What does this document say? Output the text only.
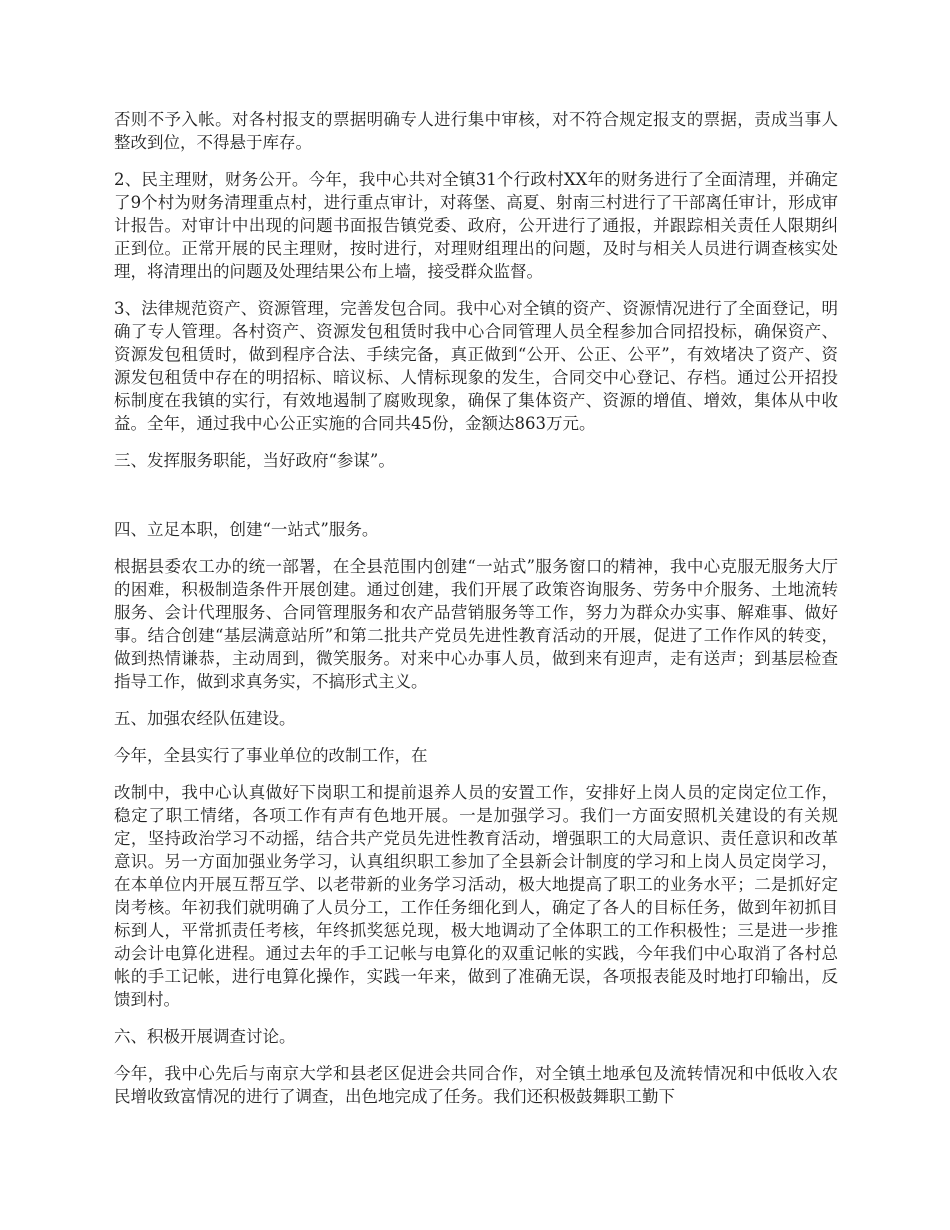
否则不予入帐。对各村报支的票据明确专人进行集中审核，对不符合规定报支的票据，责成当事人整改到位，不得悬于库存。

2、民主理财，财务公开。今年，我中心共对全镇31个行政村XX年的财务进行了全面清理，并确定了9个村为财务清理重点村，进行重点审计，对蒋堡、高夏、射南三村进行了干部离任审计，形成审计报告。对审计中出现的问题书面报告镇党委、政府，公开进行了通报，并跟踪相关责任人限期纠正到位。正常开展的民主理财，按时进行，对理财组理出的问题，及时与相关人员进行调查核实处理，将清理出的问题及处理结果公布上墙，接受群众监督。

3、法律规范资产、资源管理，完善发包合同。我中心对全镇的资产、资源情况进行了全面登记，明确了专人管理。各村资产、资源发包租赁时我中心合同管理人员全程参加合同招投标，确保资产、资源发包租赁时，做到程序合法、手续完备，真正做到“公开、公正、公平”，有效堵决了资产、资源发包租赁中存在的明招标、暗议标、人情标现象的发生，合同交中心登记、存档。通过公开招投标制度在我镇的实行，有效地遏制了腐败现象，确保了集体资产、资源的增值、增效，集体从中收益。全年，通过我中心公正实施的合同共45份，金额达863万元。

三、发挥服务职能，当好政府“参谋”。

四、立足本职，创建“一站式”服务。

根据县委农工办的统一部署，在全县范围内创建“一站式”服务窗口的精神，我中心克服无服务大厅的困难，积极制造条件开展创建。通过创建，我们开展了政策咨询服务、劳务中介服务、土地流转服务、会计代理服务、合同管理服务和农产品营销服务等工作，努力为群众办实事、解难事、做好事。结合创建“基层满意站所”和第二批共产党员先进性教育活动的开展，促进了工作作风的转变，做到热情谦恭，主动周到，微笑服务。对来中心办事人员，做到来有迎声，走有送声；到基层检查指导工作，做到求真务实，不搞形式主义。

五、加强农经队伍建设。

今年，全县实行了事业单位的改制工作，在

改制中，我中心认真做好下岗职工和提前退养人员的安置工作，安排好上岗人员的定岗定位工作，稳定了职工情绪，各项工作有声有色地开展。一是加强学习。我们一方面安照机关建设的有关规定，坚持政治学习不动摇，结合共产党员先进性教育活动，增强职工的大局意识、责任意识和改革意识。另一方面加强业务学习，认真组织职工参加了全县新会计制度的学习和上岗人员定岗学习，在本单位内开展互帮互学、以老带新的业务学习活动，极大地提高了职工的业务水平；二是抓好定岗考核。年初我们就明确了人员分工，工作任务细化到人，确定了各人的目标任务，做到年初抓目标到人，平常抓责任考核，年终抓奖惩兑现，极大地调动了全体职工的工作积极性；三是进一步推动会计电算化进程。通过去年的手工记帐与电算化的双重记帐的实践，今年我们中心取消了各村总帐的手工记帐，进行电算化操作，实践一年来，做到了准确无误，各项报表能及时地打印输出，反馈到村。

六、积极开展调查讨论。

今年，我中心先后与南京大学和县老区促进会共同合作，对全镇土地承包及流转情况和中低收入农民增收致富情况的进行了调查，出色地完成了任务。我们还积极鼓舞职工勤下
